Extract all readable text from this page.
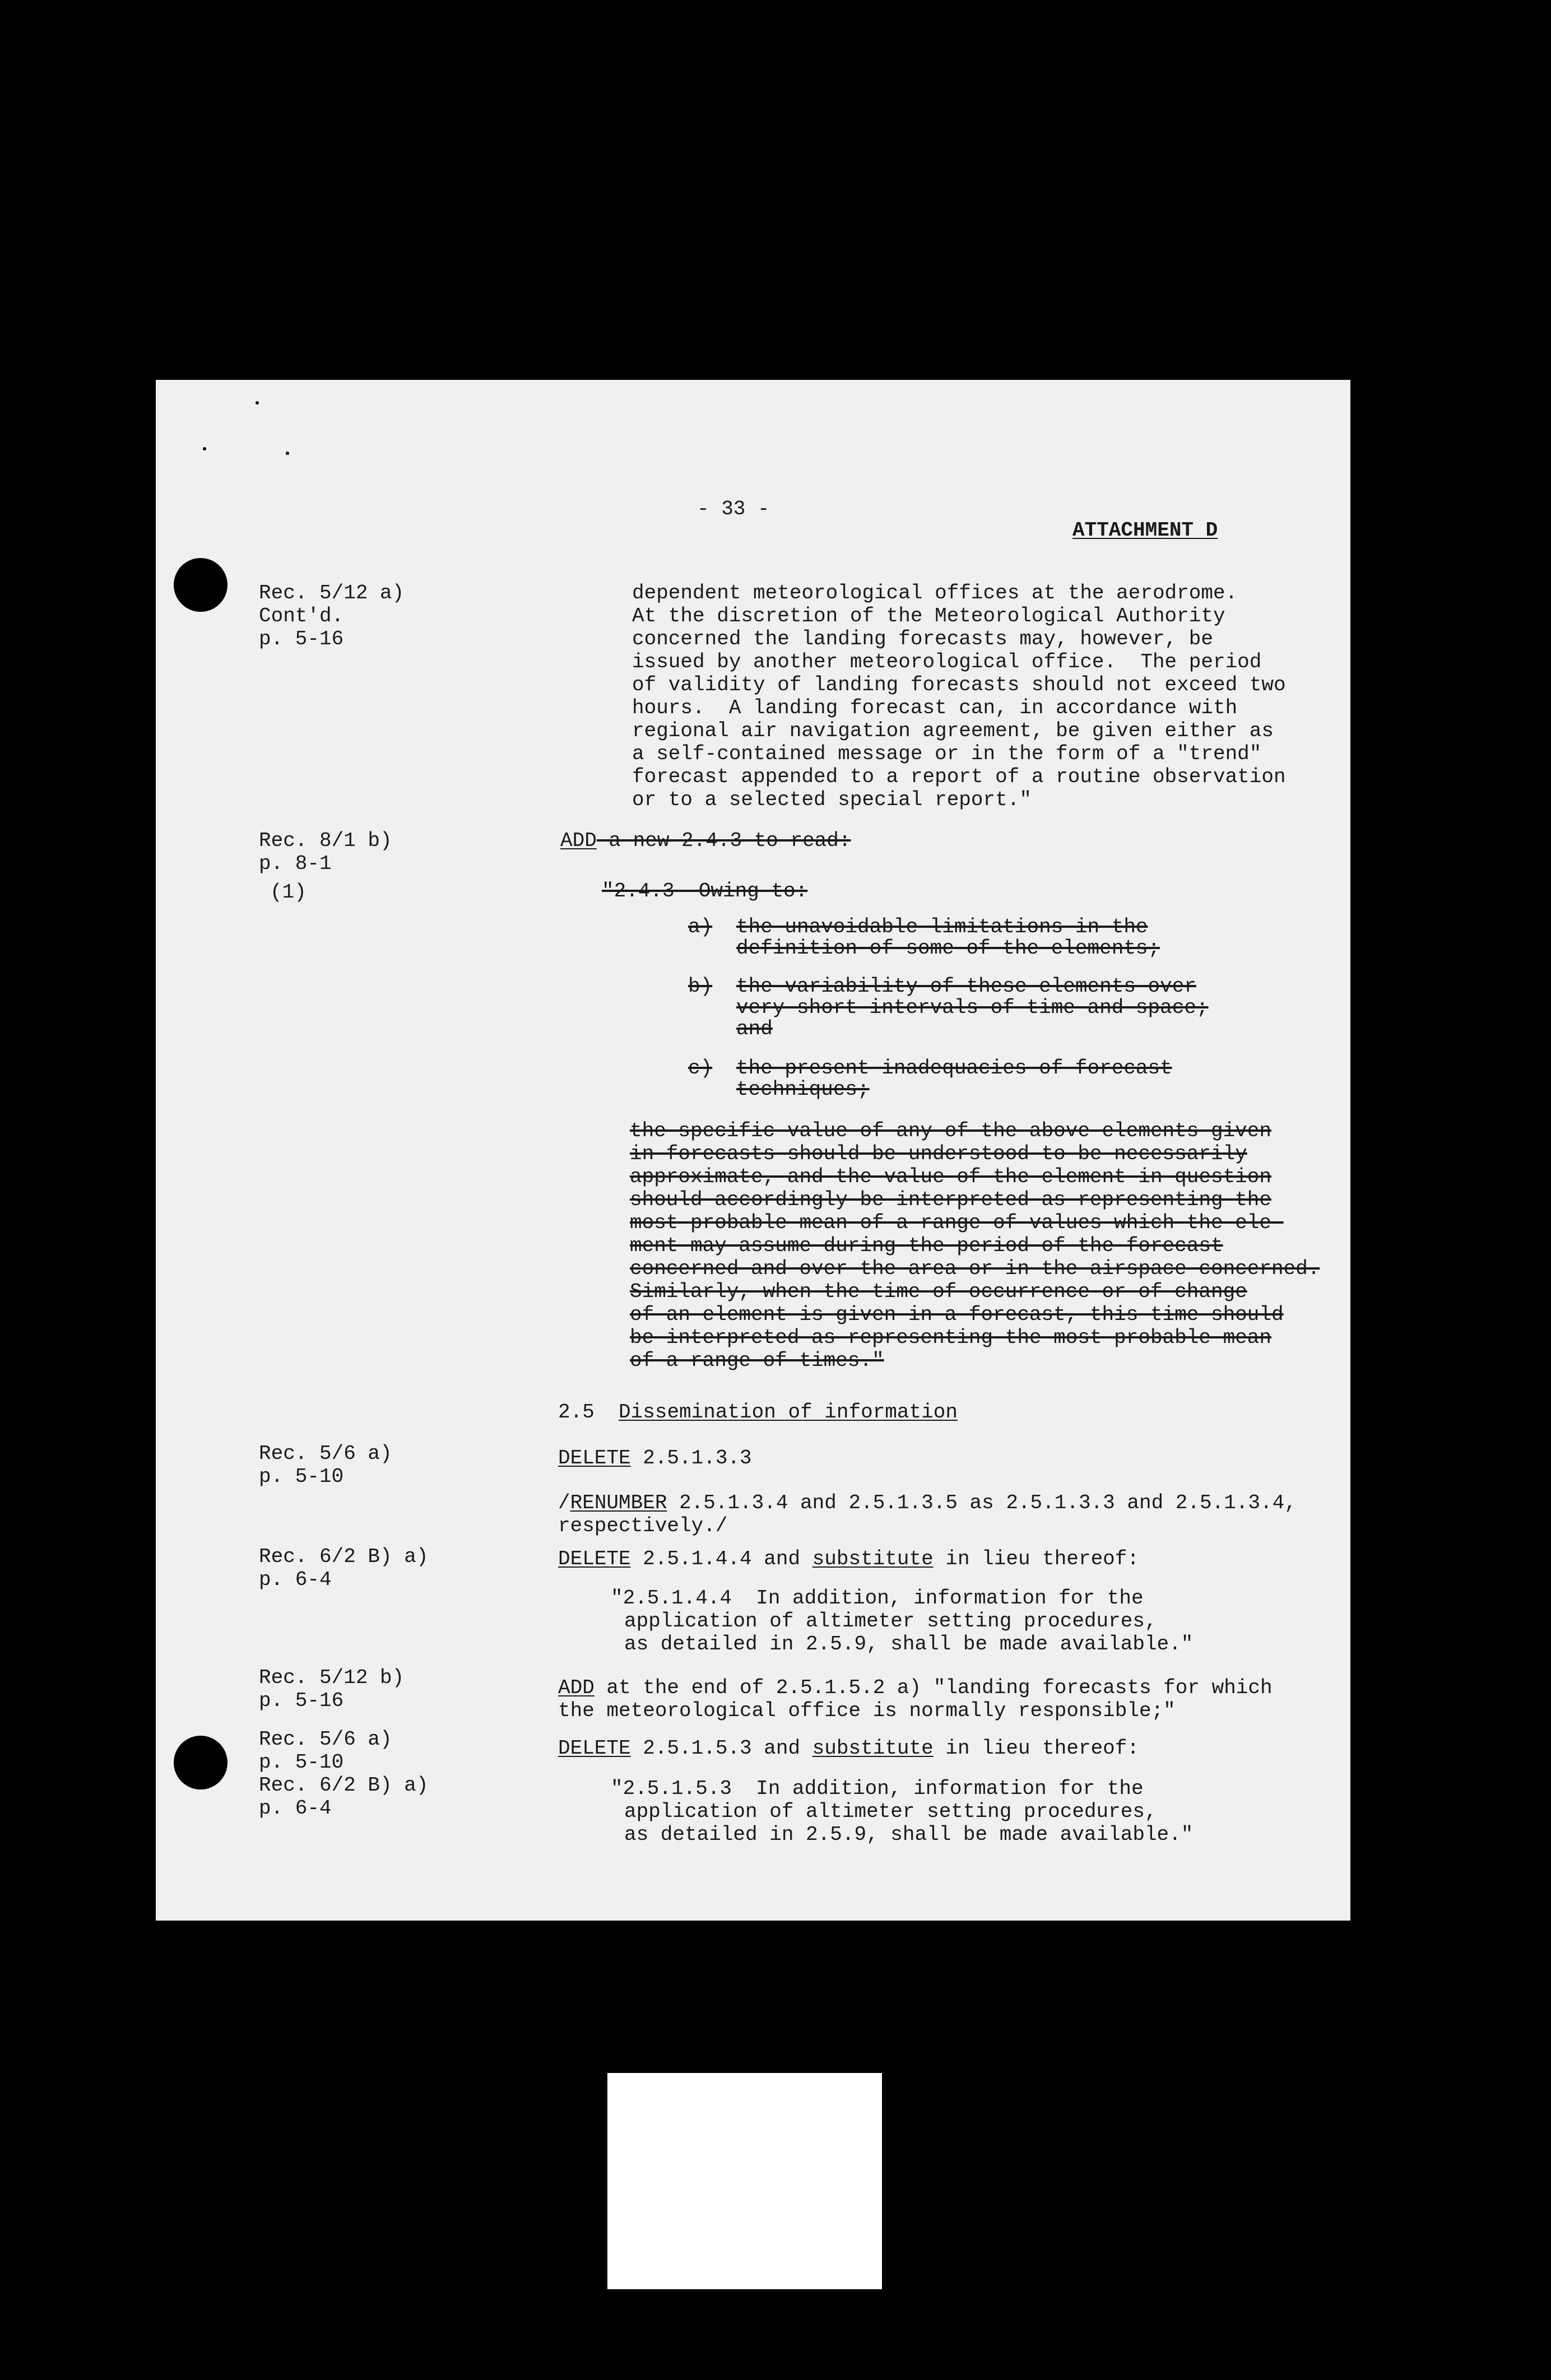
- 33 -
ATTACHMENT D
Rec. 5/12 a)
Cont'd.
p. 5-16
Rec. 8/1 b)
p. 8-1
(1)
Rec. 5/6 a)
p. 5-10
Rec. 6/2 B) a)
p. 6-4
Rec. 5/12 b)
p. 5-16
Rec. 5/6 a)
p. 5-10
Rec. 6/2 B) a)
p. 6-4
dependent meteorological offices at the aerodrome.
At the discretion of the Meteorological Authority
concerned the landing forecasts may, however, be
issued by another meteorological office.  The period
of validity of landing forecasts should not exceed two
hours.  A landing forecast can, in accordance with
regional air navigation agreement, be given either as
a self-contained message or in the form of a "trend"
forecast appended to a report of a routine observation
or to a selected special report."
ADD a new 2.4.3 to read:
"2.4.3  Owing to:
a) the unavoidable limitations in the
definition of some of the elements;
b) the variability of these elements over
very short intervals of time and space;
and
c) the present inadequacies of forecast
techniques;
the specific value of any of the above elements given
in forecasts should be understood to be necessarily
approximate, and the value of the element in question
should accordingly be interpreted as representing the
most probable mean of a range of values which the ele-
ment may assume during the period of the forecast
concerned and over the area or in the airspace concerned.
Similarly, when the time of occurrence or of change
of an element is given in a forecast, this time should
be interpreted as representing the most probable mean
of a range of times."
2.5 Dissemination of information
DELETE 2.5.1.3.3
/RENUMBER 2.5.1.3.4 and 2.5.1.3.5 as 2.5.1.3.3 and 2.5.1.3.4,
respectively./
DELETE 2.5.1.4.4 and substitute in lieu thereof:
"2.5.1.4.4  In addition, information for the
application of altimeter setting procedures,
as detailed in 2.5.9, shall be made available."
ADD at the end of 2.5.1.5.2 a) "landing forecasts for which
the meteorological office is normally responsible;"
DELETE 2.5.1.5.3 and substitute in lieu thereof:
"2.5.1.5.3  In addition, information for the
application of altimeter setting procedures,
as detailed in 2.5.9, shall be made available."
